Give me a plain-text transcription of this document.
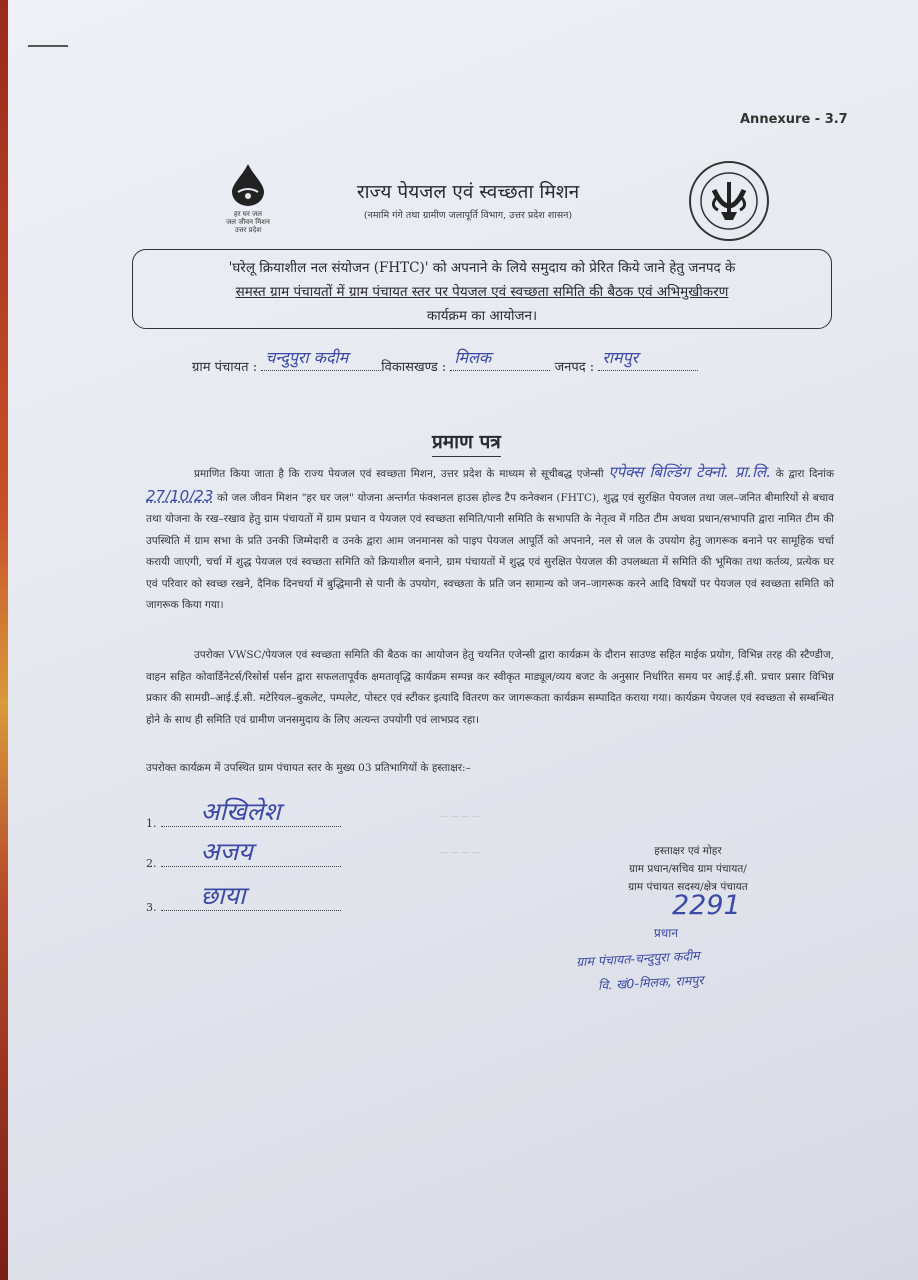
Annexure - 3.7
हर घर जल
जल जीवन मिशन
उत्तर प्रदेश
राज्य पेयजल एवं स्वच्छता मिशन
(नमामि गंगे तथा ग्रामीण जलापूर्ति विभाग, उत्तर प्रदेश शासन)
'घरेलू क्रियाशील नल संयोजन (FHTC)' को अपनाने के लिये समुदाय को प्रेरित किये जाने हेतु जनपद के
समस्त ग्राम पंचायतों में ग्राम पंचायत स्तर पर पेयजल एवं स्वच्छता समिति की बैठक एवं अभिमुखीकरण
कार्यक्रम का आयोजन।
ग्राम पंचायत :
चन्दुपुरा कदीम
विकासखण्ड :
मिलक
जनपद :
रामपुर
प्रमाण पत्र
प्रमाणित किया जाता है कि राज्य पेयजल एवं स्वच्छता मिशन, उत्तर प्रदेश के माध्यम से सूचीबद्ध एजेन्सी एपेक्स बिल्डिंग टेक्नो. प्रा.लि. के द्वारा दिनांक 27/10/23 को जल जीवन मिशन "हर घर जल" योजना अन्तर्गत फंक्शनल हाउस होल्ड टैप कनेक्शन (FHTC), शुद्ध एवं सुरक्षित पेयजल तथा जल–जनित बीमारियों से बचाव तथा योजना के रख–रखाव हेतु ग्राम पंचायतों में ग्राम प्रधान व पेयजल एवं स्वच्छता समिति/पानी समिति के सभापति के नेतृत्व में गठित टीम अथवा प्रधान/सभापति द्वारा नामित टीम की उपस्थिति में ग्राम सभा के प्रति उनकी जिम्मेदारी व उनके द्वारा आम जनमानस को पाइप पेयजल आपूर्ति को अपनाने, नल से जल के उपयोग हेतु जागरूक बनाने पर सामूहिक चर्चा करायी जाएगी, चर्चा में शुद्ध पेयजल एवं स्वच्छता समिति को क्रियाशील बनाने, ग्राम पंचायतों में शुद्ध एवं सुरक्षित पेयजल की उपलब्धता में समिति की भूमिका तथा कर्तव्य, प्रत्येक घर एवं परिवार को स्वच्छ रखने, दैनिक दिनचर्या में बुद्धिमानी से पानी के उपयोग, स्वच्छता के प्रति जन सामान्य को जन–जागरूक करने आदि विषयों पर पेयजल एवं स्वच्छता समिति को जागरूक किया गया।
उपरोक्त VWSC/पेयजल एवं स्वच्छता समिति की बैठक का आयोजन हेतु चयनित एजेन्सी द्वारा कार्यक्रम के दौरान साउण्ड सहित माईक प्रयोग, विभिन्न तरह की स्टैण्डीज, वाहन सहित कोवार्डिनेटर्स/रिसोर्स पर्सन द्वारा सफलतापूर्वक क्षमतावृद्धि कार्यक्रम सम्पन्न कर स्वीकृत माड्यूल/व्यय बजट के अनुसार निर्धारित समय पर आई.ई.सी. प्रचार प्रसार विभिन्न प्रकार की सामग्री–आई.ई.सी. मटेरियल–बुकलेट, पम्पलेट, पोस्टर एवं स्टीकर इत्यादि वितरण कर जागरूकता कार्यक्रम सम्पादित कराया गया। कार्यक्रम पेयजल एवं स्वच्छता से सम्बन्धित होने के साथ ही समिति एवं ग्रामीण जनसमुदाय के लिए अत्यन्त उपयोगी एवं लाभप्रद रहा।
उपरोक्त कार्यक्रम में उपस्थित ग्राम पंचायत स्तर के मुख्य 03 प्रतिभागियों के हस्ताक्षर:–
1. अखिलेश
2. अजय
3. छाया
हस्ताक्षर एवं मोहर
ग्राम प्रधान/सचिव ग्राम पंचायत/
ग्राम पंचायत सदस्य/क्षेत्र पंचायत
2291
प्रधान
ग्राम पंचायत-चन्दुपुरा कदीम
वि. खं0-मिलक, रामपुर
— — — —
— — — —
